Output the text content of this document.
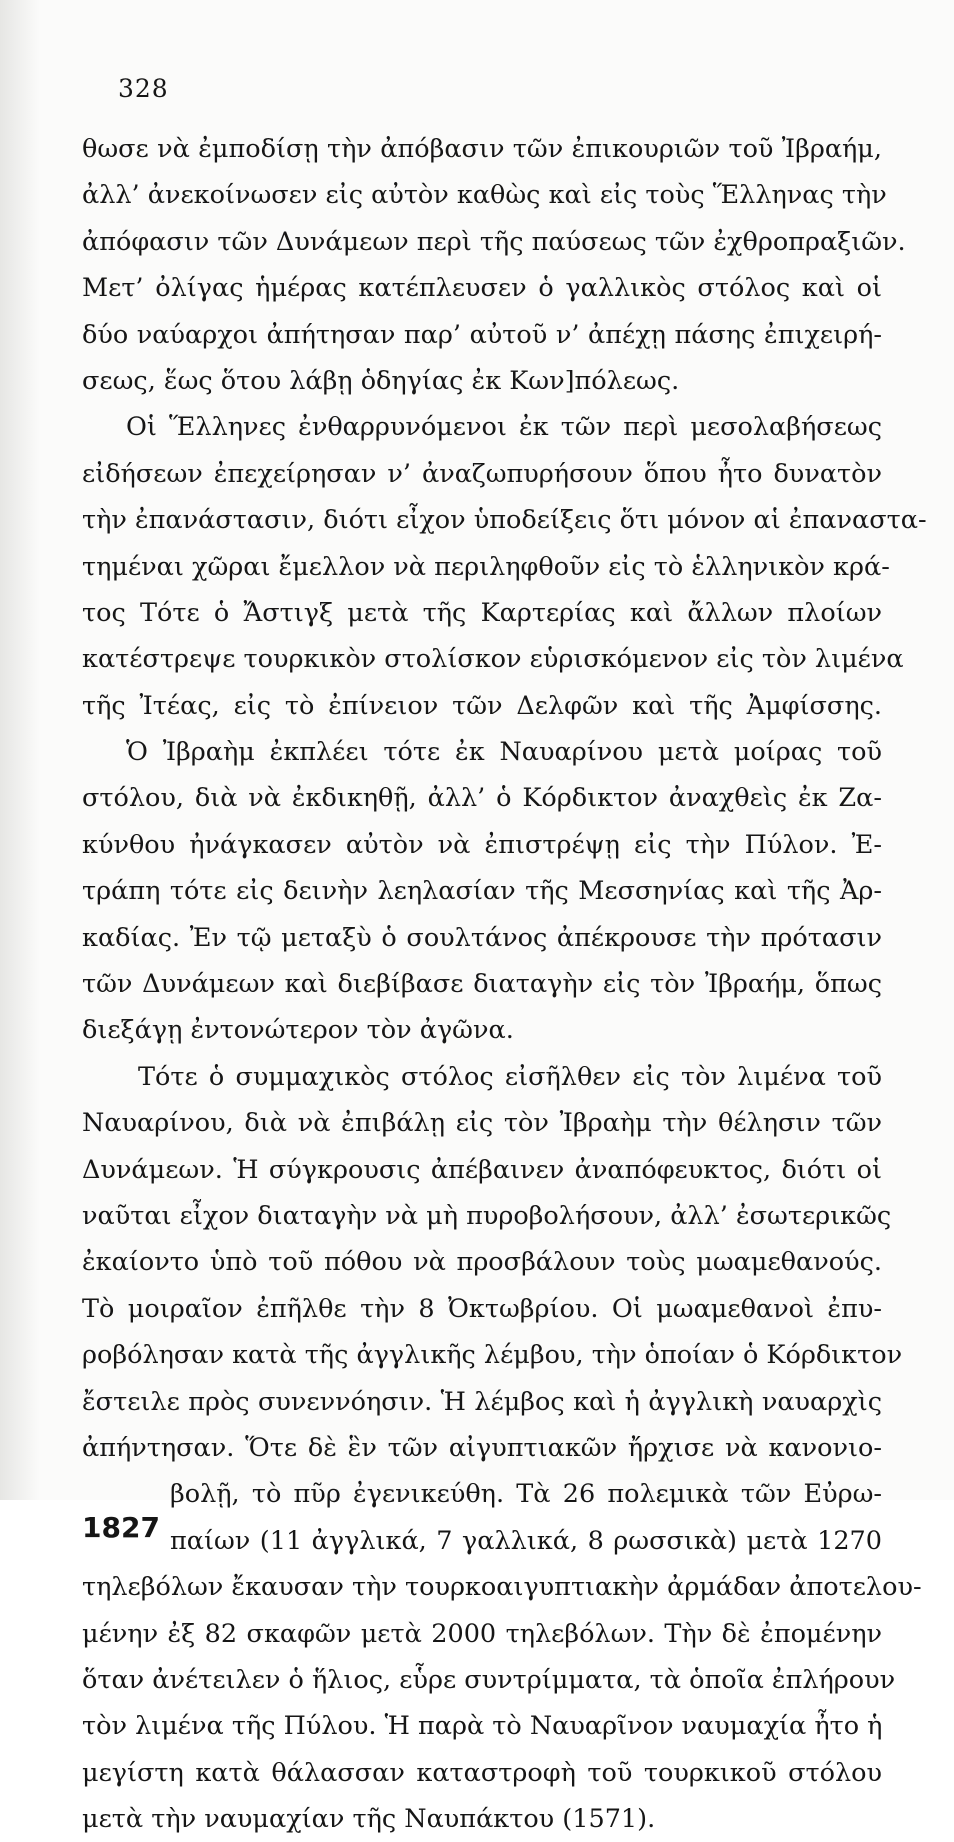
328
θωσε νὰ ἐμποδίσῃ τὴν ἀπόβασιν τῶν ἐπικουριῶν τοῦ Ἰβραήμ,
ἀλλ’ ἀνεκοίνωσεν εἰς αὐτὸν καθὼς καὶ εἰς τοὺς Ἕλληνας τὴν
ἀπόφασιν τῶν Δυνάμεων περὶ τῆς παύσεως τῶν ἐχθροπραξιῶν.
Μετ’ ὀλίγας ἡμέρας κατέπλευσεν ὁ γαλλικὸς στόλος καὶ οἱ
δύο ναύαρχοι ἀπήτησαν παρ’ αὐτοῦ ν’ ἀπέχῃ πάσης ἐπιχειρή-
σεως, ἕως ὅτου λάβῃ ὁδηγίας ἐκ Κων]πόλεως.
Οἱ Ἕλληνες ἐνθαρρυνόμενοι ἐκ τῶν περὶ μεσολαβήσεως
εἰδήσεων ἐπεχείρησαν ν’ ἀναζωπυρήσουν ὅπου ἦτο δυνατὸν
τὴν ἐπανάστασιν, διότι εἶχον ὑποδείξεις ὅτι μόνον αἱ ἐπαναστα-
τημέναι χῶραι ἔμελλον νὰ περιληφθοῦν εἰς τὸ ἑλληνικὸν κρά-
τος Τότε ὁ Ἄστιγξ μετὰ τῆς Καρτερίας καὶ ἄλλων πλοίων
κατέστρεψε τουρκικὸν στολίσκον εὑρισκόμενον εἰς τὸν λιμένα
τῆς Ἰτέας, εἰς τὸ ἐπίνειον τῶν Δελφῶν καὶ τῆς Ἀμφίσσης.
Ὁ Ἰβραὴμ ἐκπλέει τότε ἐκ Ναυαρίνου μετὰ μοίρας τοῦ
στόλου, διὰ νὰ ἐκδικηθῇ, ἀλλ’ ὁ Κόρδικτον ἀναχθεὶς ἐκ Ζα-
κύνθου ἠνάγκασεν αὐτὸν νὰ ἐπιστρέψῃ εἰς τὴν Πύλον. Ἐ-
τράπη τότε εἰς δεινὴν λεηλασίαν τῆς Μεσσηνίας καὶ τῆς Ἀρ-
καδίας. Ἐν τῷ μεταξὺ ὁ σουλτάνος ἀπέκρουσε τὴν πρότασιν
τῶν Δυνάμεων καὶ διεβίβασε διαταγὴν εἰς τὸν Ἰβραήμ, ὅπως
διεξάγῃ ἐντονώτερον τὸν ἀγῶνα.
Τότε ὁ συμμαχικὸς στόλος εἰσῆλθεν εἰς τὸν λιμένα τοῦ
Ναυαρίνου, διὰ νὰ ἐπιβάλῃ εἰς τὸν Ἰβραὴμ τὴν θέλησιν τῶν
Δυνάμεων. Ἡ σύγκρουσις ἀπέβαινεν ἀναπόφευκτος, διότι οἱ
ναῦται εἶχον διαταγὴν νὰ μὴ πυροβολήσουν, ἀλλ’ ἐσωτερικῶς
ἐκαίοντο ὑπὸ τοῦ πόθου νὰ προσβάλουν τοὺς μωαμεθανούς.
Τὸ μοιραῖον ἐπῆλθε τὴν 8 Ὀκτωβρίου. Οἱ μωαμεθανοὶ ἐπυ-
ροβόλησαν κατὰ τῆς ἀγγλικῆς λέμβου, τὴν ὁποίαν ὁ Κόρδικτον
ἔστειλε πρὸς συνεννόησιν. Ἡ λέμβος καὶ ἡ ἀγγλικὴ ναυαρχὶς
ἀπήντησαν. Ὅτε δὲ ἓν τῶν αἰγυπτιακῶν ἤρχισε νὰ κανονιο-
1827
βολῇ, τὸ πῦρ ἐγενικεύθη. Τὰ 26 πολεμικὰ τῶν Εὐρω-
παίων (11 ἀγγλικά, 7 γαλλικά, 8 ρωσσικὰ) μετὰ 1270
τηλεβόλων ἔκαυσαν τὴν τουρκοαιγυπτιακὴν ἀρμάδαν ἀποτελου-
μένην ἐξ 82 σκαφῶν μετὰ 2000 τηλεβόλων. Τὴν δὲ ἐπομένην
ὅταν ἀνέτειλεν ὁ ἥλιος, εὗρε συντρίμματα, τὰ ὁποῖα ἐπλήρουν
τὸν λιμένα τῆς Πύλου. Ἡ παρὰ τὸ Ναυαρῖνον ναυμαχία ἦτο ἡ
μεγίστη κατὰ θάλασσαν καταστροφὴ τοῦ τουρκικοῦ στόλου
μετὰ τὴν ναυμαχίαν τῆς Ναυπάκτου (1571).
